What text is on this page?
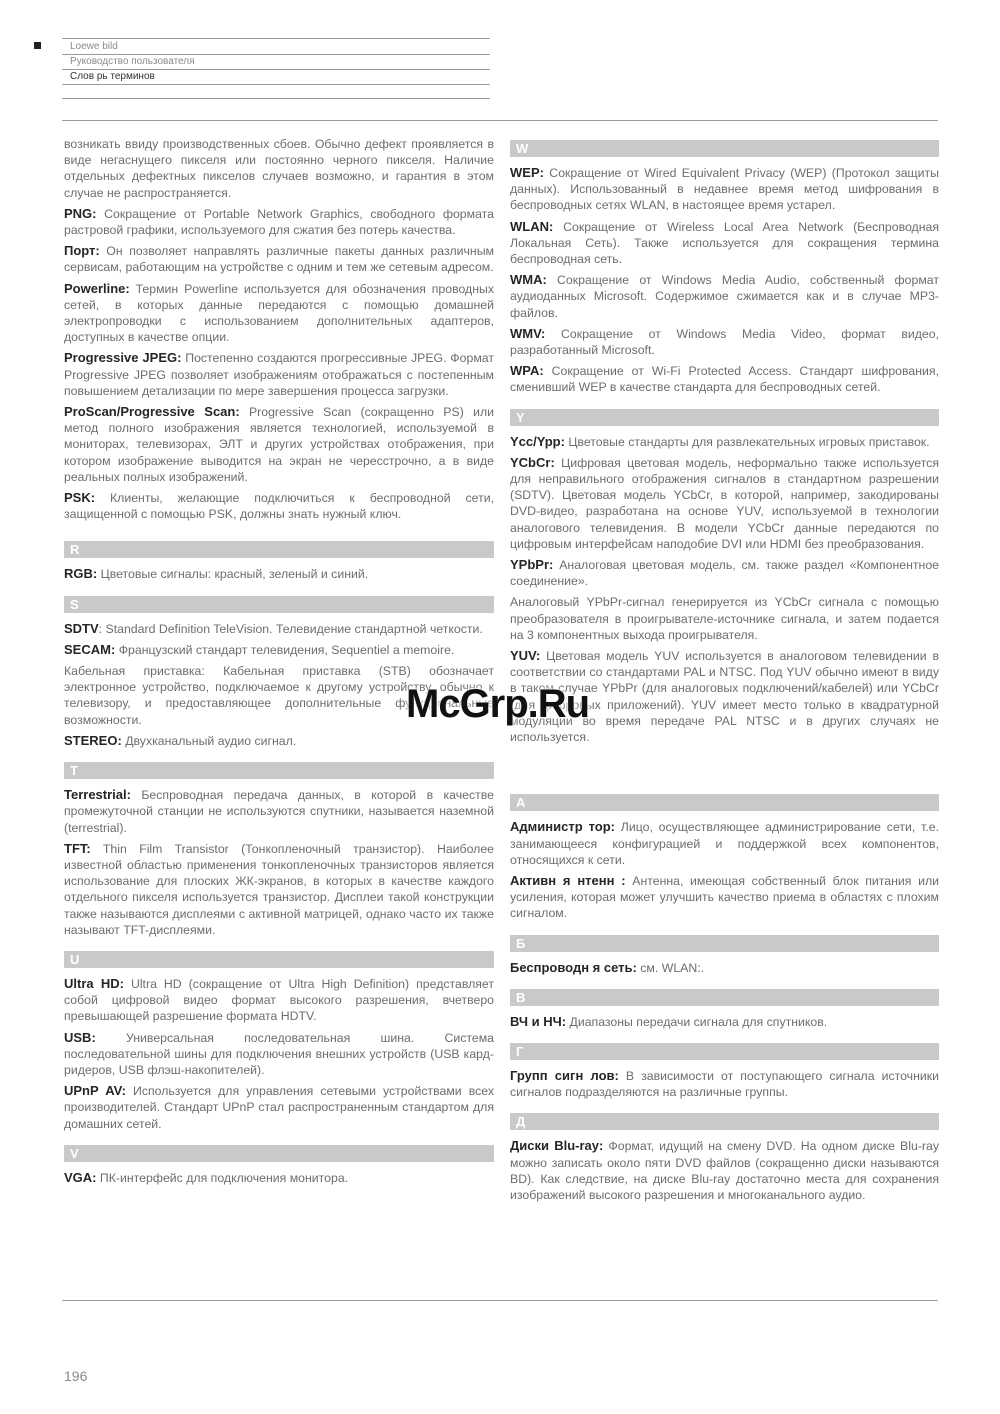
Loewe bild
Руководство пользователя
Слов рь терминов

возникать ввиду производственных сбоев. Обычно дефект проявляется в виде негаснущего пикселя или постоянно черного пикселя. Наличие отдельных дефектных пикселов случаев возможно, и гарантия в этом случае не распространяется.

PNG: Сокращение от Portable Network Graphics, свободного формата растровой графики, используемого для сжатия без потерь качества.

Порт: Он позволяет направлять различные пакеты данных различным сервисам, работающим на устройстве с одним и тем же сетевым адресом.

Powerline: Термин Powerline используется для обозначения проводных сетей, в которых данные передаются с помощью домашней электропроводки с использованием дополнительных адаптеров, доступных в качестве опции.

Progressive JPEG: Постепенно создаются прогрессивные JPEG. Формат Progressive JPEG позволяет изображениям отображаться с постепенным повышением детализации по мере завершения процесса загрузки.

ProScan/Progressive Scan: Progressive Scan (сокращенно PS) или метод полного изображения является технологией, используемой в мониторах, телевизорах, ЭЛТ и других устройствах отображения, при котором изображение выводится на экран не чересстрочно, а в виде реальных полных изображений.

PSK: Клиенты, желающие подключиться к беспроводной сети, защищенной с помощью PSK, должны знать нужный ключ.

R

RGB: Цветовые сигналы: красный, зеленый и синий.

S

SDTV: Standard Definition TeleVision. Телевидение стандартной четкости.

SECAM: Французский стандарт телевидения, Sequentiel a memoire.

Кабельная приставка: Кабельная приставка (STB) обозначает электронное устройство, подключаемое к другому устройству, обычно к телевизору, и предоставляющее дополнительные функциональные возможности.

STEREO: Двухканальный аудио сигнал.

T

Terrestrial: Беспроводная передача данных, в которой в качестве промежуточной станции не используются спутники, называется наземной (terrestrial).

TFT: Thin Film Transistor (Тонкопленочный транзистор). Наиболее известной областью применения тонкопленочных транзисторов является использование для плоских ЖК-экранов, в которых в качестве каждого отдельного пикселя используется транзистор. Дисплеи такой конструкции также называются дисплеями с активной матрицей, однако часто их также называют TFT-дисплеями.

U

Ultra HD: Ultra HD (сокращение от Ultra High Definition) представляет собой цифровой видео формат высокого разрешения, вчетверо превышающей разрешение формата HDTV.

USB: Универсальная последовательная шина. Система последовательной шины для подключения внешних устройств (USB кард-ридеров, USB флэш-накопителей).

UPnP AV: Используется для управления сетевыми устройствами всех производителей. Стандарт UPnP стал распространенным стандартом для домашних сетей.

V

VGA: ПК-интерфейс для подключения монитора.

W

WEP: Сокращение от Wired Equivalent Privacy (WEP) (Протокол защиты данных). Использованный в недавнее время метод шифрования в беспроводных сетях WLAN, в настоящее время устарел.

WLAN: Сокращение от Wireless Local Area Network (Беспроводная Локальная Сеть). Также используется для сокращения термина беспроводная сеть.

WMA: Сокращение от Windows Media Audio, собственный формат аудиоданных Microsoft. Содержимое сжимается как и в случае MP3-файлов.

WMV: Сокращение от Windows Media Video, формат видео, разработанный Microsoft.

WPA: Сокращение от Wi-Fi Protected Access. Стандарт шифрования, сменивший WEP в качестве стандарта для беспроводных сетей.

Y

Ycc/Ypp: Цветовые стандарты для развлекательных игровых приставок.

YCbCr: Цифровая цветовая модель, неформально также используется для неправильного отображения сигналов в стандартном разрешении (SDTV). Цветовая модель YCbCr, в которой, например, закодированы DVD-видео, разработана на основе YUV, используемой в технологии аналогового телевидения. В модели YCbCr данные передаются по цифровым интерфейсам наподобие DVI или HDMI без преобразования.

YPbPr: Аналоговая цветовая модель, см. также раздел «Компонентное соединение».

Аналоговый YPbPr-сигнал генерируется из YCbCr сигнала с помощью преобразователя в проигрывателе-источнике сигнала, и затем подается на 3 компонентных выхода проигрывателя.

YUV: Цветовая модель YUV используется в аналоговом телевидении в соответствии со стандартами PAL и NTSC. Под YUV обычно имеют в виду в таком случае YPbPr (для аналоговых подключений/кабелей) или YCbCr (для цифровых приложений). YUV имеет место только в квадратурной модуляции во время передаче PAL NTSC и в других случаях не используется.

А

Администр тор: Лицо, осуществляющее администрирование сети, т.е. занимающееся конфигурацией и поддержкой всех компонентов, относящихся к сети.

Активн я нтенн : Антенна, имеющая собственный блок питания или усиления, которая может улучшить качество приема в областях с плохим сигналом.

Б

Беспроводн я сеть: см. WLAN:.

В

ВЧ и НЧ: Диапазоны передачи сигнала для спутников.

Г

Групп сигн лов: В зависимости от поступающего сигнала источники сигналов подразделяются на различные группы.

Д

Диски Blu-ray: Формат, идущий на смену DVD. На одном диске Blu-ray можно записать около пяти DVD файлов (сокращенно диски называются BD). Как следствие, на диске Blu-ray достаточно места для сохранения изображений высокого разрешения и многоканального аудио.

McGrp.Ru
196
